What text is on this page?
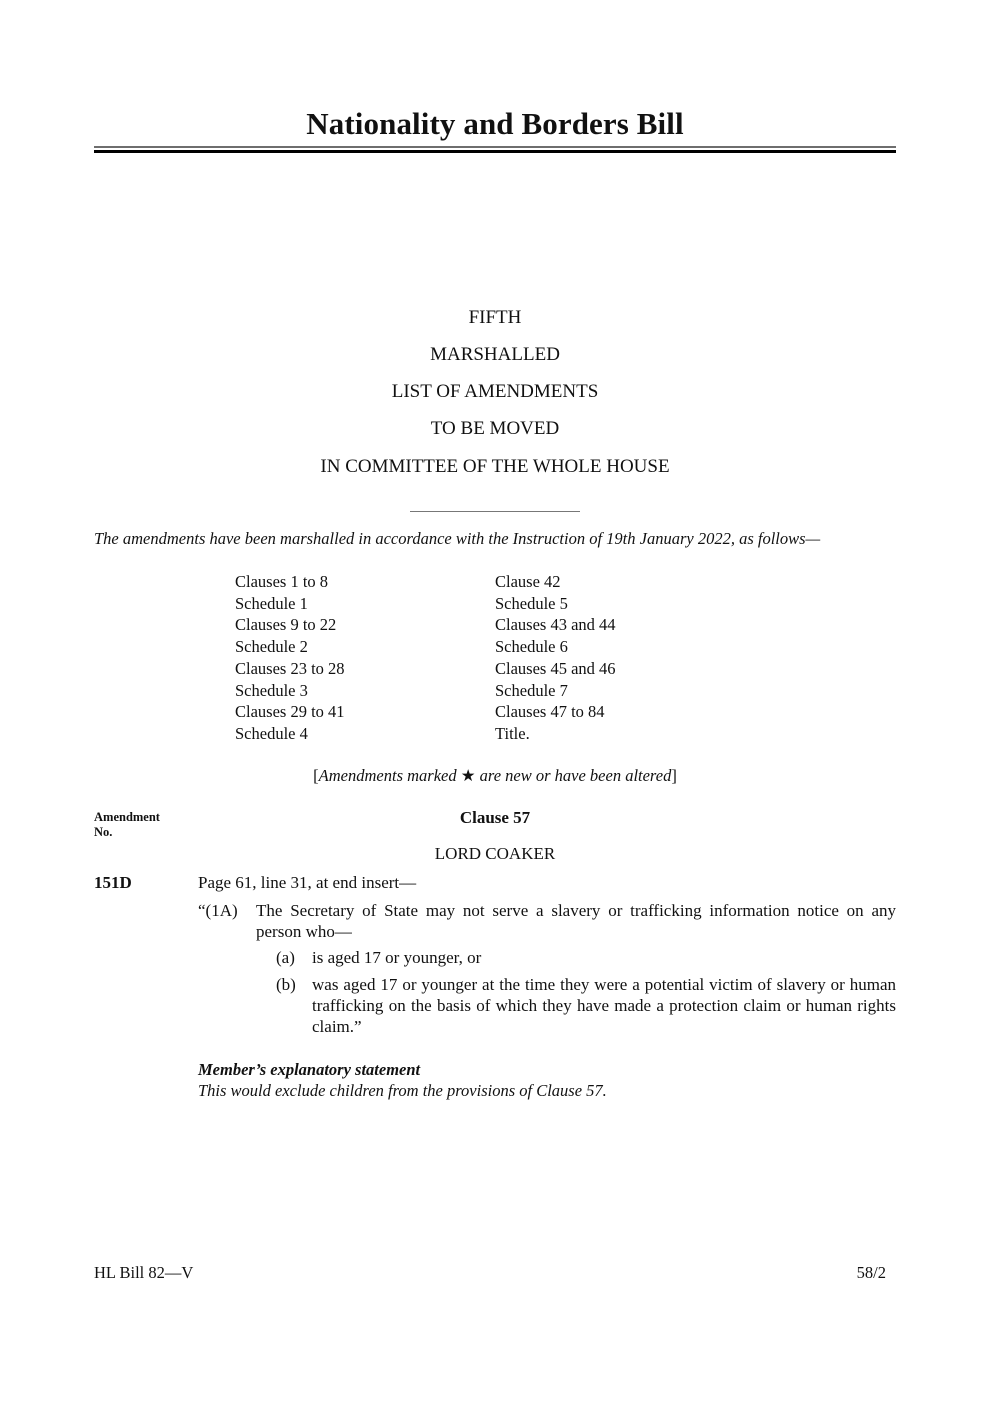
Nationality and Borders Bill
FIFTH
MARSHALLED
LIST OF AMENDMENTS
TO BE MOVED
IN COMMITTEE OF THE WHOLE HOUSE
The amendments have been marshalled in accordance with the Instruction of 19th January 2022, as follows—
Clauses 1 to 8
Schedule 1
Clauses 9 to 22
Schedule 2
Clauses 23 to 28
Schedule 3
Clauses 29 to 41
Schedule 4
Clause 42
Schedule 5
Clauses 43 and 44
Schedule 6
Clauses 45 and 46
Schedule 7
Clauses 47 to 84
Title.
[Amendments marked ★ are new or have been altered]
Amendment
No.
Clause 57
LORD COAKER
151D	Page 61, line 31, at end insert—
“(1A) The Secretary of State may not serve a slavery or trafficking information notice on any person who—
(a) is aged 17 or younger, or
(b) was aged 17 or younger at the time they were a potential victim of slavery or human trafficking on the basis of which they have made a protection claim or human rights claim.”
Member’s explanatory statement
This would exclude children from the provisions of Clause 57.
HL Bill 82—V	58/2
